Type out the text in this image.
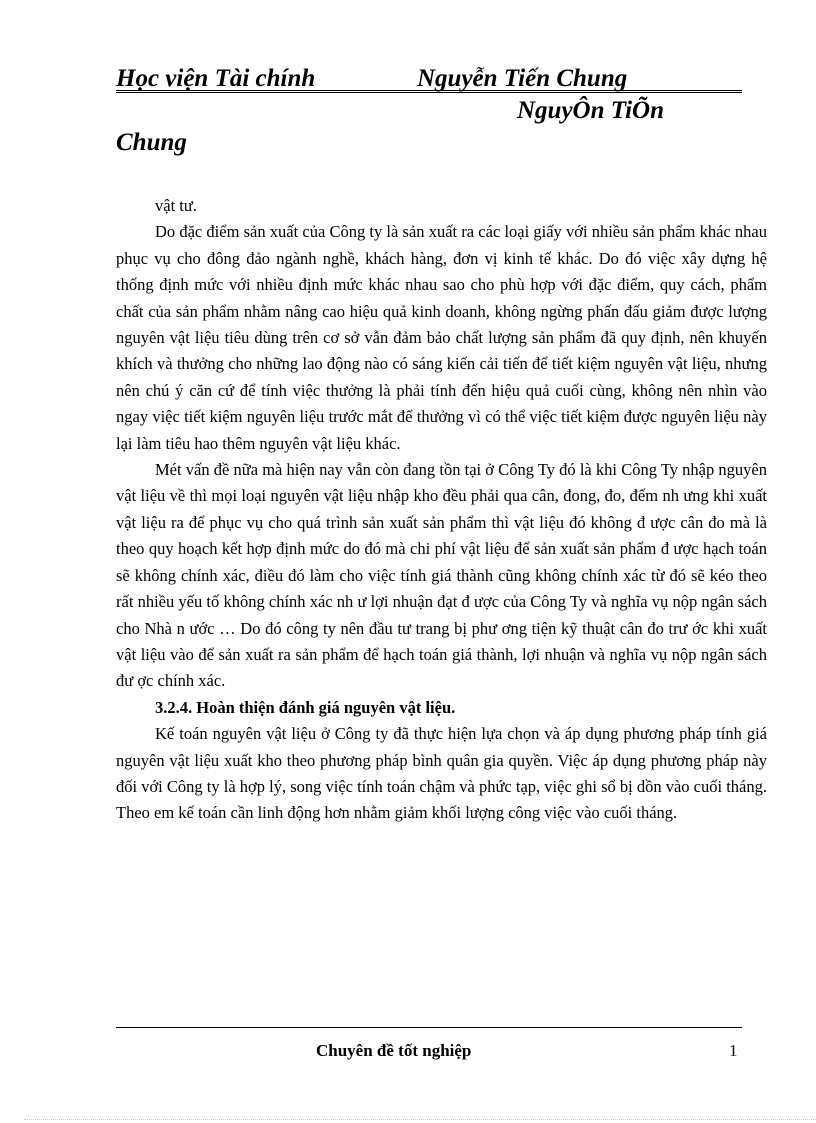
Học viện Tài chính	Nguyễn Tiến Chung
NguyÔn TiÕn
Chung

vật tư.

Do đặc điểm sản xuất của Công ty là sản xuất ra các loại giấy với nhiều sản phẩm khác nhau phục vụ cho đông đảo ngành nghề, khách hàng, đơn vị kinh tế khác. Do đó việc xây dựng hệ thống định mức với nhiều định mức khác nhau sao cho phù hợp với đặc điểm, quy cách, phẩm chất của sản phẩm nhằm nâng cao hiệu quả kinh doanh, không ngừng phấn đấu giảm được lượng nguyên vật liệu tiêu dùng trên cơ sở vẫn đảm bảo chất lượng sản phẩm đã quy định, nên khuyến khích và thưởng cho những lao động nào có sáng kiến cải tiến để tiết kiệm nguyên vật liệu, nhưng nên chú ý căn cứ để tính việc thưởng là phải tính đến hiệu quả cuối cùng, không nên nhìn vào ngay việc tiết kiệm nguyên liệu trước mắt để thưởng vì có thể việc tiết kiệm được nguyên liệu này lại làm tiêu hao thêm nguyên vật liệu khác.

Mét vấn đề nữa mà hiện nay vẫn còn đang tồn tại ở Công Ty đó là khi Công Ty nhập nguyên vật liệu về thì mọi loại nguyên vật liệu nhập kho đều phải qua cân, đong, đo, đếm nh ưng khi xuất vật liệu ra để phục vụ cho quá trình sản xuất sản phẩm thì vật liệu đó không đ ược cân đo mà là theo quy hoạch kết hợp định mức do đó mà chi phí vật liệu để sản xuất sản phẩm đ ược hạch toán sẽ không chính xác, điều đó làm cho việc tính giá thành cũng không chính xác từ đó sẽ kéo theo rất nhiều yếu tố không chính xác nh ư lợi nhuận đạt đ ược của Công Ty và nghĩa vụ nộp ngân sách cho Nhà n ước … Do đó công ty nên đầu tư trang bị phư ơng tiện kỹ thuật cân đo trư ớc khi xuất vật liệu vào để sản xuất ra sản phẩm để hạch toán giá thành, lợi nhuận và nghĩa vụ nộp ngân sách đư ợc chính xác.

3.2.4. Hoàn thiện đánh giá nguyên vật liệu.

Kế toán nguyên vật liệu ở Công ty đã thực hiện lựa chọn và áp dụng phương pháp tính giá nguyên vật liệu xuất kho theo phương pháp bình quân gia quyền. Việc áp dụng phương pháp này đối với Công ty là hợp lý, song việc tính toán chậm và phức tạp, việc ghi sổ bị dồn vào cuối tháng. Theo em kế toán cần linh động hơn nhằm giảm khối lượng công việc vào cuối tháng.

Chuyên đề tốt nghiệp	1
